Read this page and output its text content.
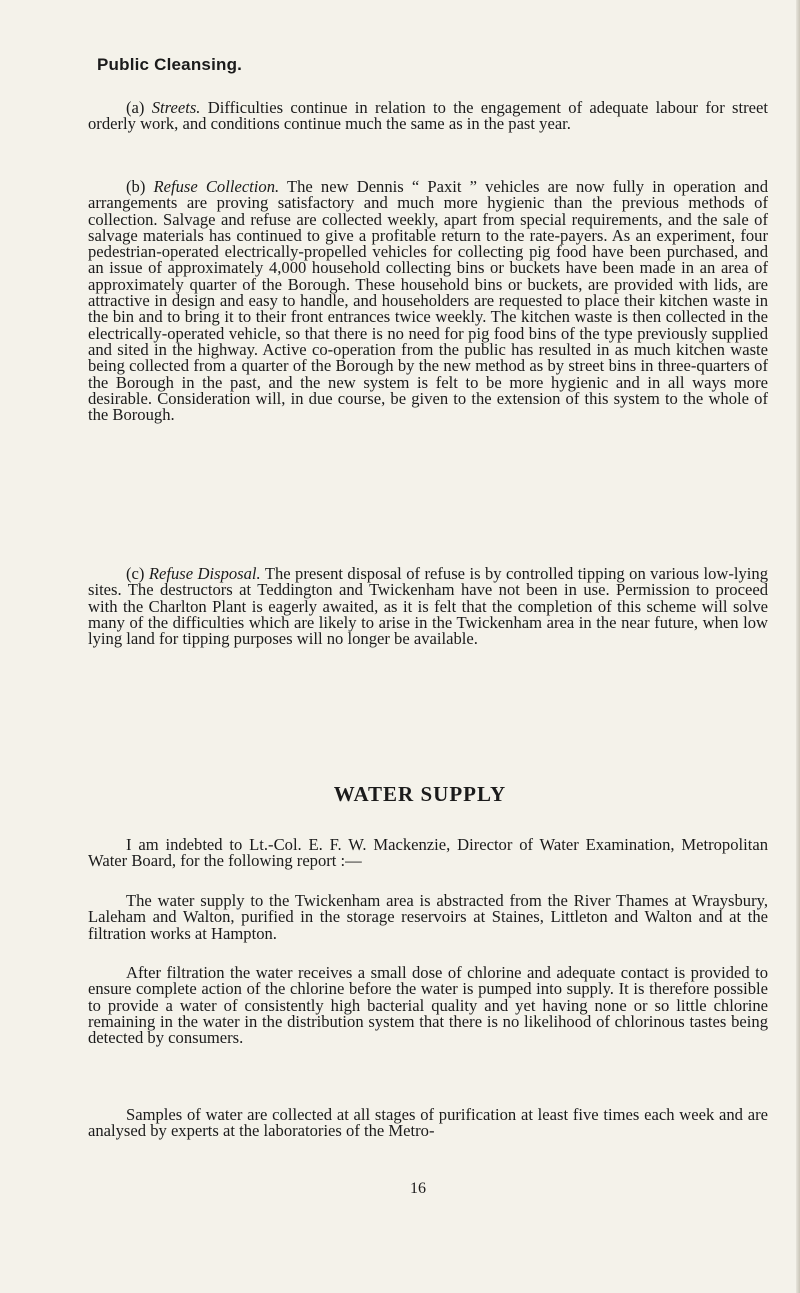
Public Cleansing.

(a) Streets. Difficulties continue in relation to the engagement of adequate labour for street orderly work, and conditions continue much the same as in the past year.

(b) Refuse Collection. The new Dennis “ Paxit ” vehicles are now fully in operation and arrangements are proving satisfactory and much more hygienic than the previous methods of collection. Salvage and refuse are collected weekly, apart from special requirements, and the sale of salvage materials has continued to give a profitable return to the rate-payers. As an experiment, four pedestrian-operated electrically-propelled vehicles for collecting pig food have been purchased, and an issue of approximately 4,000 household collecting bins or buckets have been made in an area of approximately quarter of the Borough. These household bins or buckets, are provided with lids, are attractive in design and easy to handle, and householders are requested to place their kitchen waste in the bin and to bring it to their front entrances twice weekly. The kitchen waste is then collected in the electrically-operated vehicle, so that there is no need for pig food bins of the type previously supplied and sited in the highway. Active co-operation from the public has resulted in as much kitchen waste being collected from a quarter of the Borough by the new method as by street bins in three-quarters of the Borough in the past, and the new system is felt to be more hygienic and in all ways more desirable. Consideration will, in due course, be given to the extension of this system to the whole of the Borough.

(c) Refuse Disposal. The present disposal of refuse is by controlled tipping on various low-lying sites. The destructors at Teddington and Twickenham have not been in use. Permission to proceed with the Charlton Plant is eagerly awaited, as it is felt that the completion of this scheme will solve many of the difficulties which are likely to arise in the Twickenham area in the near future, when low lying land for tipping purposes will no longer be available.

WATER SUPPLY

I am indebted to Lt.-Col. E. F. W. Mackenzie, Director of Water Examination, Metropolitan Water Board, for the following report :—

The water supply to the Twickenham area is abstracted from the River Thames at Wraysbury, Laleham and Walton, purified in the storage reservoirs at Staines, Littleton and Walton and at the filtration works at Hampton.

After filtration the water receives a small dose of chlorine and adequate contact is provided to ensure complete action of the chlorine before the water is pumped into supply. It is therefore possible to provide a water of consistently high bacterial quality and yet having none or so little chlorine remaining in the water in the distribution system that there is no likelihood of chlorinous tastes being detected by consumers.

Samples of water are collected at all stages of purification at least five times each week and are analysed by experts at the laboratories of the Metro-

16
